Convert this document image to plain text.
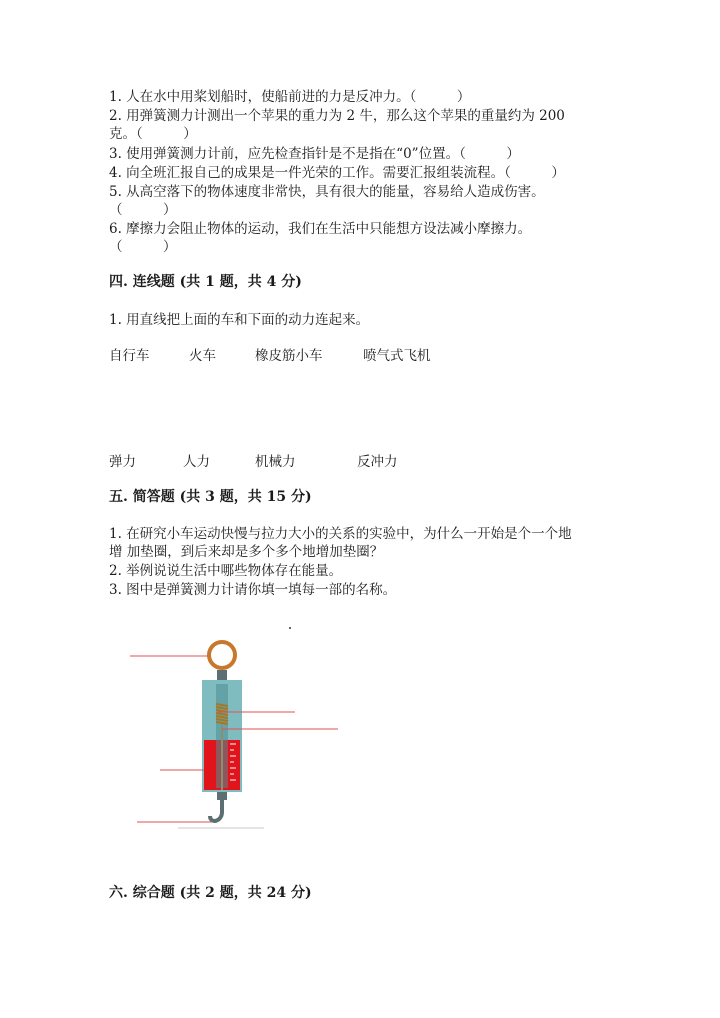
1. 人在水中用桨划船时，使船前进的力是反冲力。（　　　）
2. 用弹簧测力计测出一个苹果的重力为 2 牛，那么这个苹果的重量约为 200
克。（　　　）
3. 使用弹簧测力计前，应先检查指针是不是指在“0”位置。（　　　）
4. 向全班汇报自己的成果是一件光荣的工作。需要汇报组装流程。（　　　）
5. 从高空落下的物体速度非常快，具有很大的能量，容易给人造成伤害。
（　　　）
6. 摩擦力会阻止物体的运动，我们在生活中只能想方设法减小摩擦力。
（　　　）
四. 连线题 (共 1 题，共 4 分)
1. 用直线把上面的车和下面的动力连起来。
自行车	火车	橡皮筋小车	喷气式飞机
弹力	人力	机械力	反冲力
五. 简答题 (共 3 题，共 15 分)
1. 在研究小车运动快慢与拉力大小的关系的实验中，为什么一开始是个一个地
增 加垫圈，到后来却是多个多个地增加垫圈？
2. 举例说说生活中哪些物体存在能量。
3. 图中是弹簧测力计请你填一填每一部的名称。
六. 综合题 (共 2 题，共 24 分)
